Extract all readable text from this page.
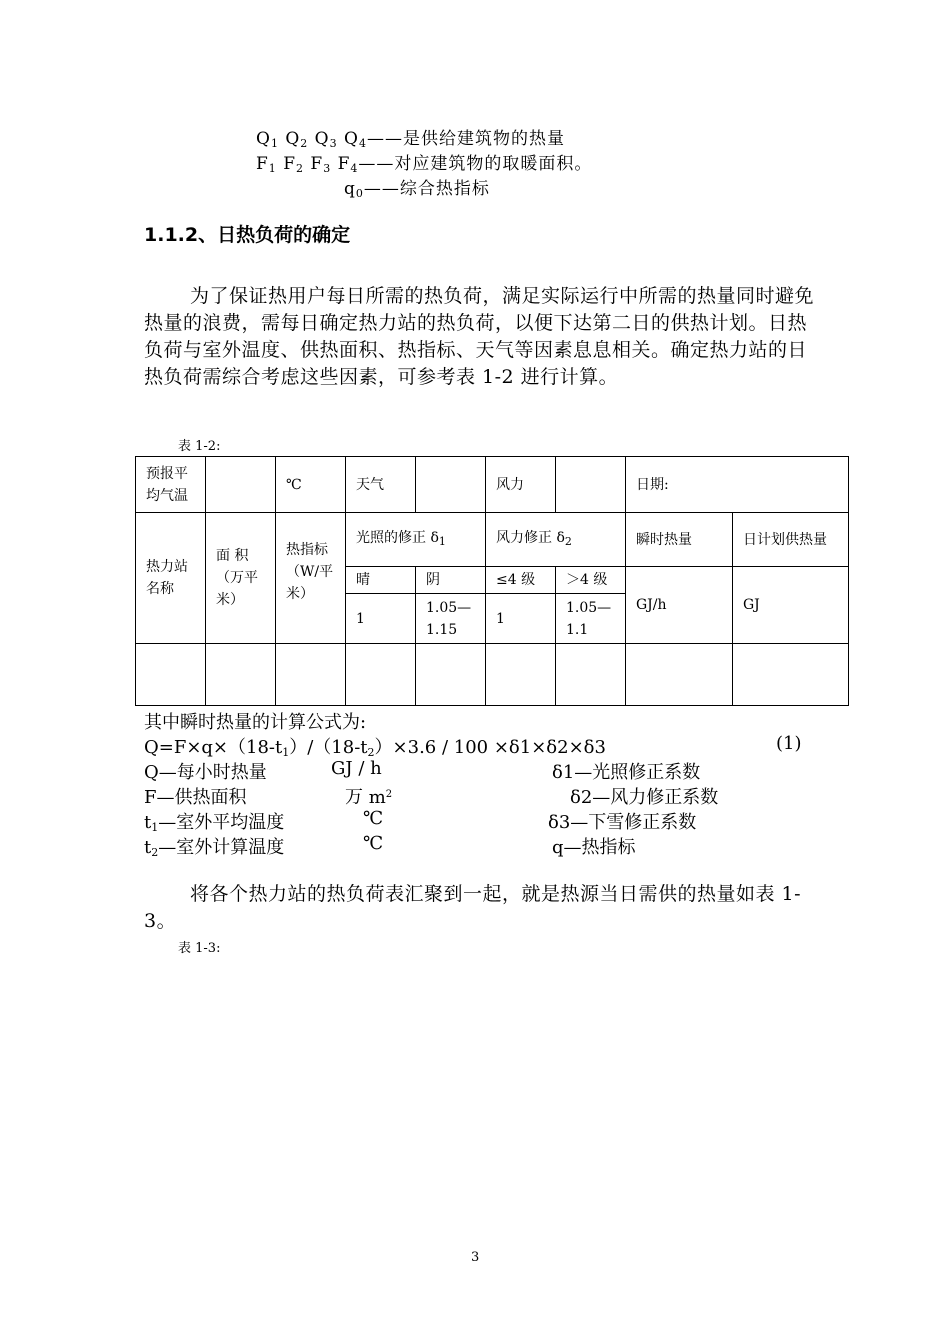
$Q_1$ $Q_2$ $Q_3$ $Q_4——$是供给建筑物的热量
$F_1$ $F_2$ $F_3$ $F_4——$对应建筑物的取暖面积。
$q_0——$综合热指标
1.1.2、日热负荷的确定
为了保证热用户每日所需的热负荷，满足实际运行中所需的热量同时避免热量的浪费，需每日确定热力站的热负荷，以便下达第二日的供热计划。日热负荷与室外温度、供热面积、热指标、天气等因素息息相关。确定热力站的日热负荷需综合考虑这些因素，可参考表 1-2 进行计算。
表 1-2:
预报平均气温		℃	天气		风力		日期:	
热力站名称	面 积（万平米）	热指标（W/平米）	光照的修正 $\delta_1$		风力修正 $\delta_2$		瞬时热量	日计划供热量
			晴	阴	≤4 级	＞4 级	GJ/h	GJ
			1	1.05—1.15	1	1.05—1.1		

其中瞬时热量的计算公式为:
$Q=F\times q\times(18-t_1)/(18-t_2)\times 3.6 / 100 \times\delta 1\times\delta 2\times\delta 3$	(1)
Q—每小时热量	GJ / h	δ1—光照修正系数
F—供热面积	万 $m^2$	δ2—风力修正系数
$t_1—$室外平均温度	℃	δ3—下雪修正系数
$t_2—$室外计算温度	℃	q—热指标
将各个热力站的热负荷表汇聚到一起，就是热源当日需供的热量如表 1-3。
表 1-3:
3
